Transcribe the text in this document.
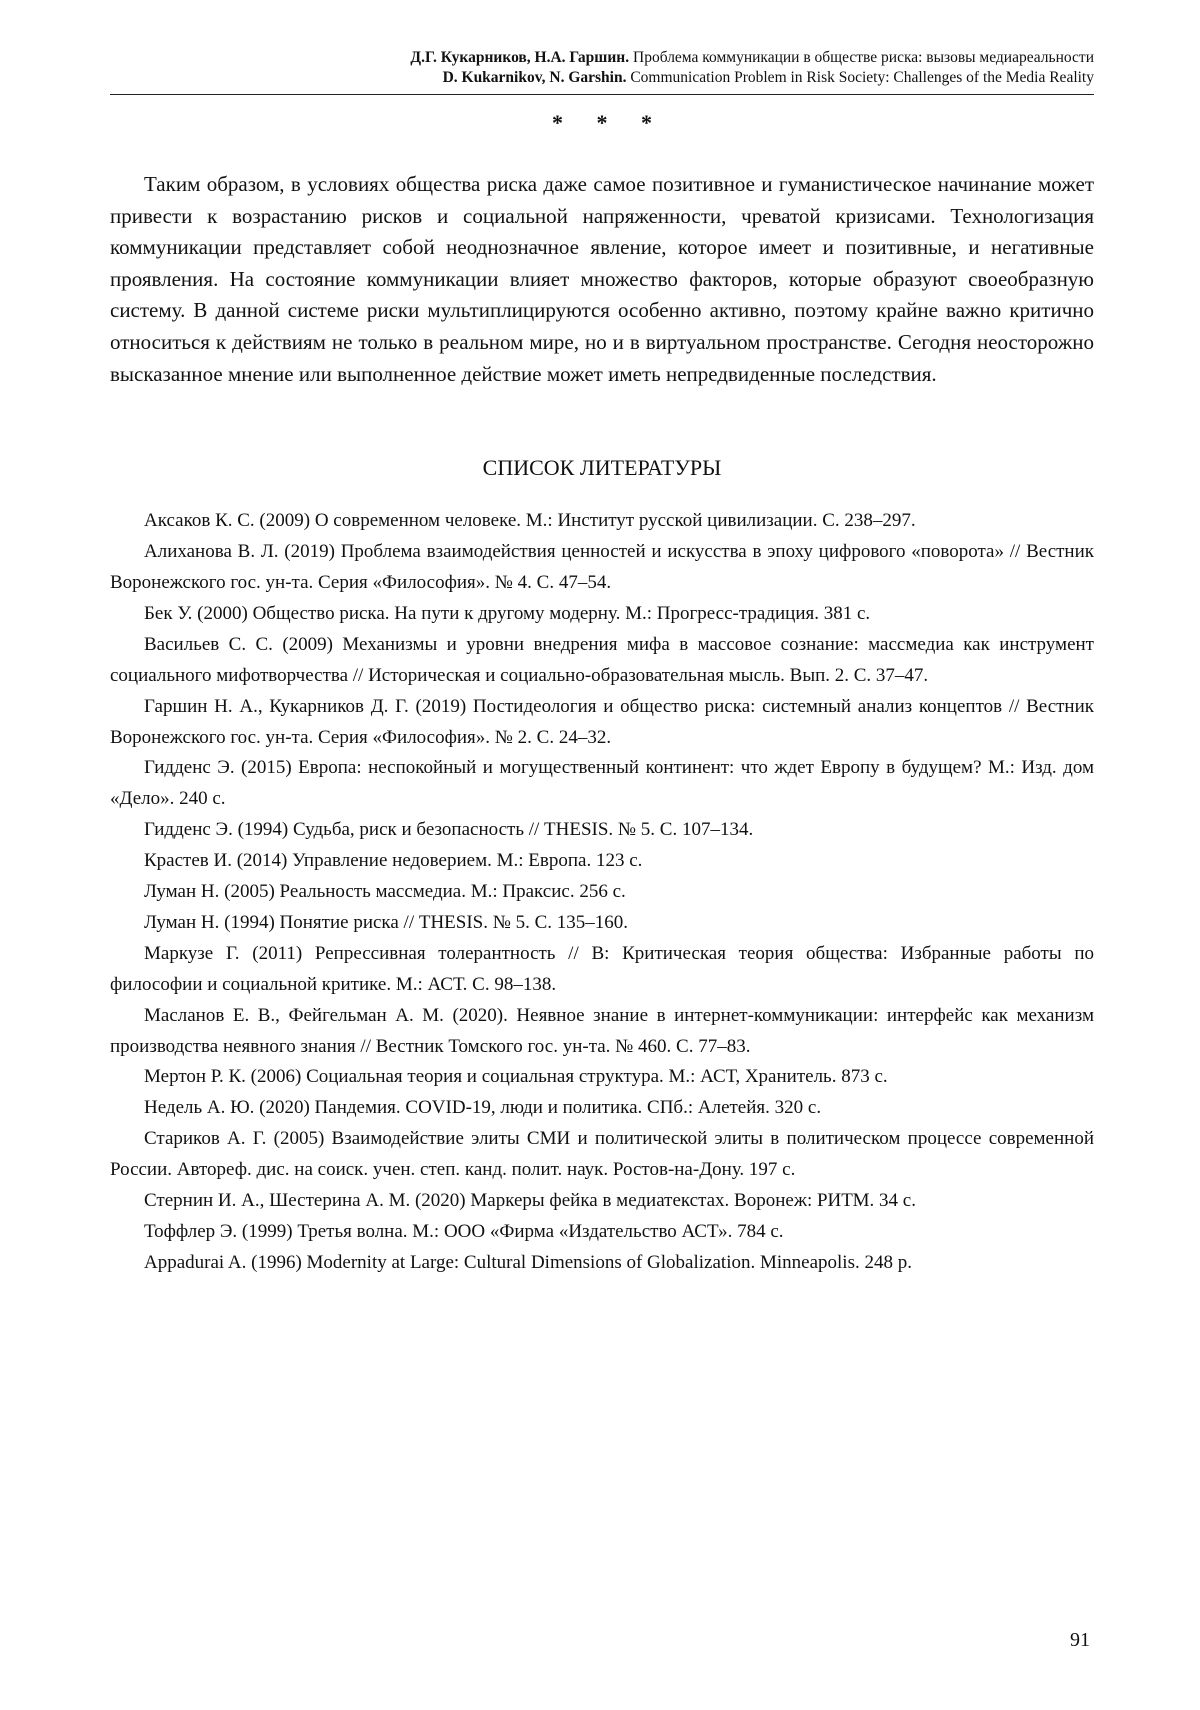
Д.Г. Кукарников, Н.А. Гаршин. Проблема коммуникации в обществе риска: вызовы медиареальности
D. Kukarnikov, N. Garshin. Communication Problem in Risk Society: Challenges of the Media Reality
* * *

Таким образом, в условиях общества риска даже самое позитивное и гуманистическое начинание может привести к возрастанию рисков и социальной напряженности, чреватой кризисами. Технологизация коммуникации представляет собой неоднозначное явление, которое имеет и позитивные, и негативные проявления. На состояние коммуникации влияет множество факторов, которые образуют своеобразную систему. В данной системе риски мультиплицируются особенно активно, поэтому крайне важно критично относиться к действиям не только в реальном мире, но и в виртуальном пространстве. Сегодня неосторожно высказанное мнение или выполненное действие может иметь непредвиденные последствия.

СПИСОК ЛИТЕРАТУРЫ
Аксаков К. С. (2009) О современном человеке. М.: Институт русской цивилизации. С. 238–297.
Алиханова В. Л. (2019) Проблема взаимодействия ценностей и искусства в эпоху цифрового «поворота» // Вестник Воронежского гос. ун-та. Серия «Философия». № 4. С. 47–54.
Бек У. (2000) Общество риска. На пути к другому модерну. М.: Прогресс-традиция. 381 с.
Васильев С. С. (2009) Механизмы и уровни внедрения мифа в массовое сознание: массмедиа как инструмент социального мифотворчества // Историческая и социально-образовательная мысль. Вып. 2. С. 37–47.
Гаршин Н. А., Кукарников Д. Г. (2019) Постидеология и общество риска: системный анализ концептов // Вестник Воронежского гос. ун-та. Серия «Философия». № 2. С. 24–32.
Гидденс Э. (2015) Европа: неспокойный и могущественный континент: что ждет Европу в будущем? М.: Изд. дом «Дело». 240 с.
Гидденс Э. (1994) Судьба, риск и безопасность // THESIS. № 5. С. 107–134.
Крастев И. (2014) Управление недоверием. М.: Европа. 123 с.
Луман Н. (2005) Реальность массмедиа. М.: Праксис. 256 с.
Луман Н. (1994) Понятие риска // THESIS. № 5. С. 135–160.
Маркузе Г. (2011) Репрессивная толерантность // В: Критическая теория общества: Избранные работы по философии и социальной критике. М.: АСТ. С. 98–138.
Масланов Е. В., Фейгельман А. М. (2020). Неявное знание в интернет-коммуникации: интерфейс как механизм производства неявного знания // Вестник Томского гос. ун-та. № 460. С. 77–83.
Мертон Р. К. (2006) Социальная теория и социальная структура. М.: АСТ, Хранитель. 873 с.
Недель А. Ю. (2020) Пандемия. COVID-19, люди и политика. СПб.: Алетейя. 320 с.
Стариков А. Г. (2005) Взаимодействие элиты СМИ и политической элиты в политическом процессе современной России. Автореф. дис. на соиск. учен. степ. канд. полит. наук. Ростов-на-Дону. 197 с.
Стернин И. А., Шестерина А. М. (2020) Маркеры фейка в медиатекстах. Воронеж: РИТМ. 34 с.
Тоффлер Э. (1999) Третья волна. М.: ООО «Фирма «Издательство АСТ». 784 с.
Appadurai A. (1996) Modernity at Large: Cultural Dimensions of Globalization. Minneapolis. 248 p.
91
